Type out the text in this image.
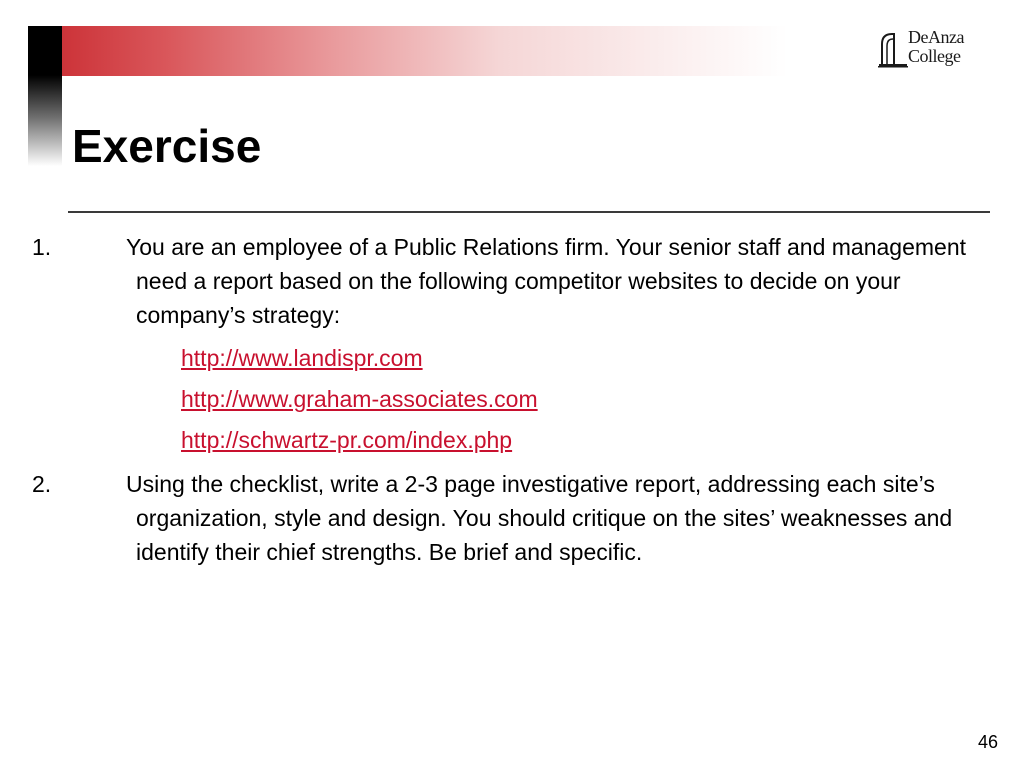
DeAnza
College
Exercise

1.	You are an employee of a Public Relations firm. Your senior staff and management need a report based on the following competitor websites to decide on your company’s strategy:

http://www.landispr.com
http://www.graham-associates.com
http://schwartz-pr.com/index.php

2.	Using the checklist, write a 2-3 page investigative report, addressing each site’s organization, style and design. You should critique on the sites’ weaknesses and identify their chief strengths. Be brief and specific.

46
